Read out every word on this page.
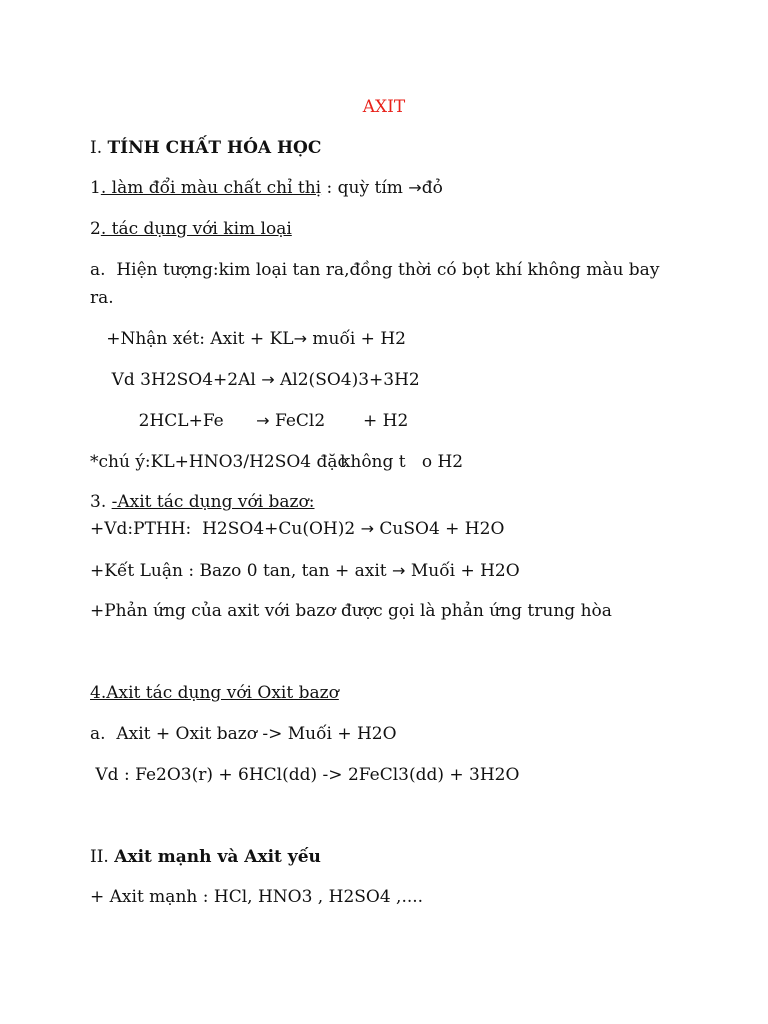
AXIT
I. TÍNH CHẤT HÓA HỌC
1. làm đổi màu chất chỉ thị : quỳ tím →đỏ
2. tác dụng với kim loại
a.  Hiện tượng:kim loại tan ra,đồng thời có bọt khí không màu bay
ra.
+Nhận xét: Axit + KL→ muối + H2
Vd 3H2SO4+2Al → Al2(SO4)3+3H2
2HCL+Fe      → FeCl2       + H2
*chú ý:KL+HNO3/H2SO4 đặckhông t   o H2
3. -Axit tác dụng với bazơ:
+Vd:PTHH:  H2SO4+Cu(OH)2 → CuSO4 + H2O
+Kết Luận : Bazo 0 tan, tan + axit → Muối + H2O
+Phản ứng của axit với bazơ được gọi là phản ứng trung hòa
4.Axit tác dụng với Oxit bazơ
a.  Axit + Oxit bazơ -> Muối + H2O
Vd : Fe2O3(r) + 6HCl(dd) -> 2FeCl3(dd) + 3H2O
II. Axit mạnh và Axit yếu
+ Axit mạnh : HCl, HNO3 , H2SO4 ,....
